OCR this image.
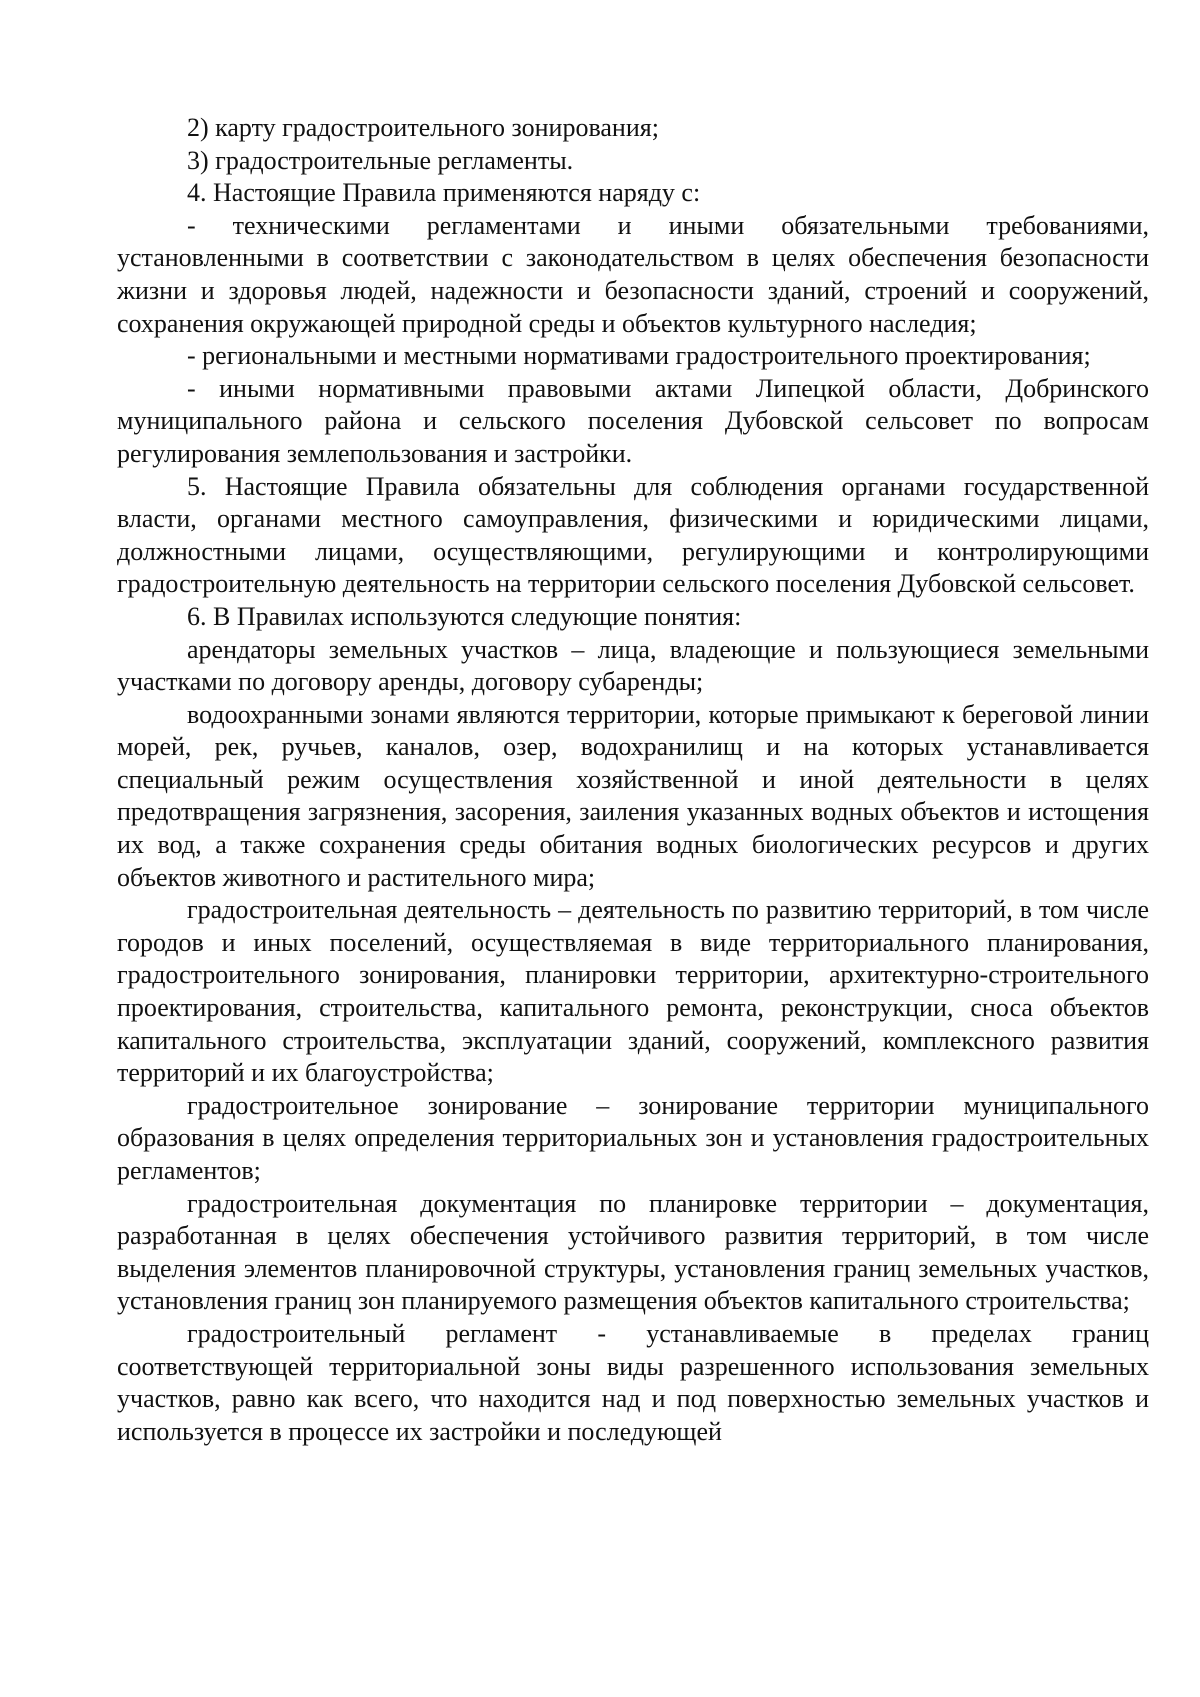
2) карту градостроительного зонирования;

3) градостроительные регламенты.

4. Настоящие Правила применяются наряду с:

- техническими регламентами и иными обязательными требованиями, установленными в соответствии с законодательством в целях обеспечения безопасности жизни и здоровья людей, надежности и безопасности зданий, строений и сооружений, сохранения окружающей природной среды и объектов культурного наследия;

- региональными и местными нормативами градостроительного проектирования;

- иными нормативными правовыми актами Липецкой области, Добринского муниципального района и сельского поселения Дубовской сельсовет по вопросам регулирования землепользования и застройки.

5. Настоящие Правила обязательны для соблюдения органами государственной власти, органами местного самоуправления, физическими и юридическими лицами, должностными лицами, осуществляющими, регулирующими и контролирующими градостроительную деятельность на территории сельского поселения Дубовской сельсовет.

6. В Правилах используются следующие понятия:

арендаторы земельных участков – лица, владеющие и пользующиеся земельными участками по договору аренды, договору субаренды;

водоохранными зонами являются территории, которые примыкают к береговой линии морей, рек, ручьев, каналов, озер, водохранилищ и на которых устанавливается специальный режим осуществления хозяйственной и иной деятельности в целях предотвращения загрязнения, засорения, заиления указанных водных объектов и истощения их вод, а также сохранения среды обитания водных биологических ресурсов и других объектов животного и растительного мира;

градостроительная деятельность – деятельность по развитию территорий, в том числе городов и иных поселений, осуществляемая в виде территориального планирования, градостроительного зонирования, планировки территории, архитектурно-строительного проектирования, строительства, капитального ремонта, реконструкции, сноса объектов капитального строительства, эксплуатации зданий, сооружений, комплексного развития территорий и их благоустройства;

градостроительное зонирование – зонирование территории муниципального образования в целях определения территориальных зон и установления градостроительных регламентов;

градостроительная документация по планировке территории – документация, разработанная в целях обеспечения устойчивого развития территорий, в том числе выделения элементов планировочной структуры, установления границ земельных участков, установления границ зон планируемого размещения объектов капитального строительства;

градостроительный регламент - устанавливаемые в пределах границ соответствующей территориальной зоны виды разрешенного использования земельных участков, равно как всего, что находится над и под поверхностью земельных участков и используется в процессе их застройки и последующей
